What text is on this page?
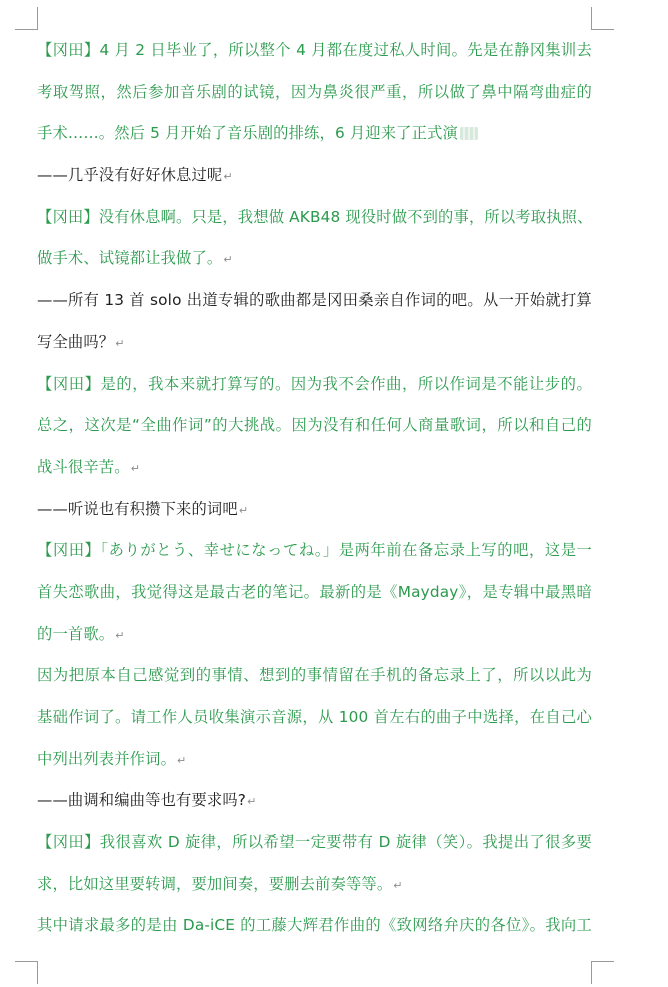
【冈田】4 月 2 日毕业了，所以整个 4 月都在度过私人时间。先是在静冈集训去
考取驾照，然后参加音乐剧的试镜，因为鼻炎很严重，所以做了鼻中隔弯曲症的
手术……。然后 5 月开始了音乐剧的排练，6 月迎来了正式演
——几乎没有好好休息过呢↵
【冈田】没有休息啊。只是，我想做 AKB48 现役时做不到的事，所以考取执照、
做手术、试镜都让我做了。↵
——所有 13 首 solo 出道专辑的歌曲都是冈田桑亲自作词的吧。从一开始就打算
写全曲吗？↵
【冈田】是的，我本来就打算写的。因为我不会作曲，所以作词是不能让步的。
总之，这次是“全曲作词”的大挑战。因为没有和任何人商量歌词，所以和自己的
战斗很辛苦。↵
——听说也有积攒下来的词吧↵
【冈田】「ありがとう、幸せになってね。」是两年前在备忘录上写的吧，这是一
首失恋歌曲，我觉得这是最古老的笔记。最新的是《Mayday》，是专辑中最黑暗
的一首歌。↵
因为把原本自己感觉到的事情、想到的事情留在手机的备忘录上了，所以以此为
基础作词了。请工作人员收集演示音源，从 100 首左右的曲子中选择，在自己心
中列出列表并作词。↵
——曲调和编曲等也有要求吗?↵
【冈田】我很喜欢 D 旋律，所以希望一定要带有 D 旋律（笑）。我提出了很多要
求，比如这里要转调，要加间奏，要删去前奏等等。↵
其中请求最多的是由 Da-iCE 的工藤大辉君作曲的《致网络弁庆的各位》。我向工
